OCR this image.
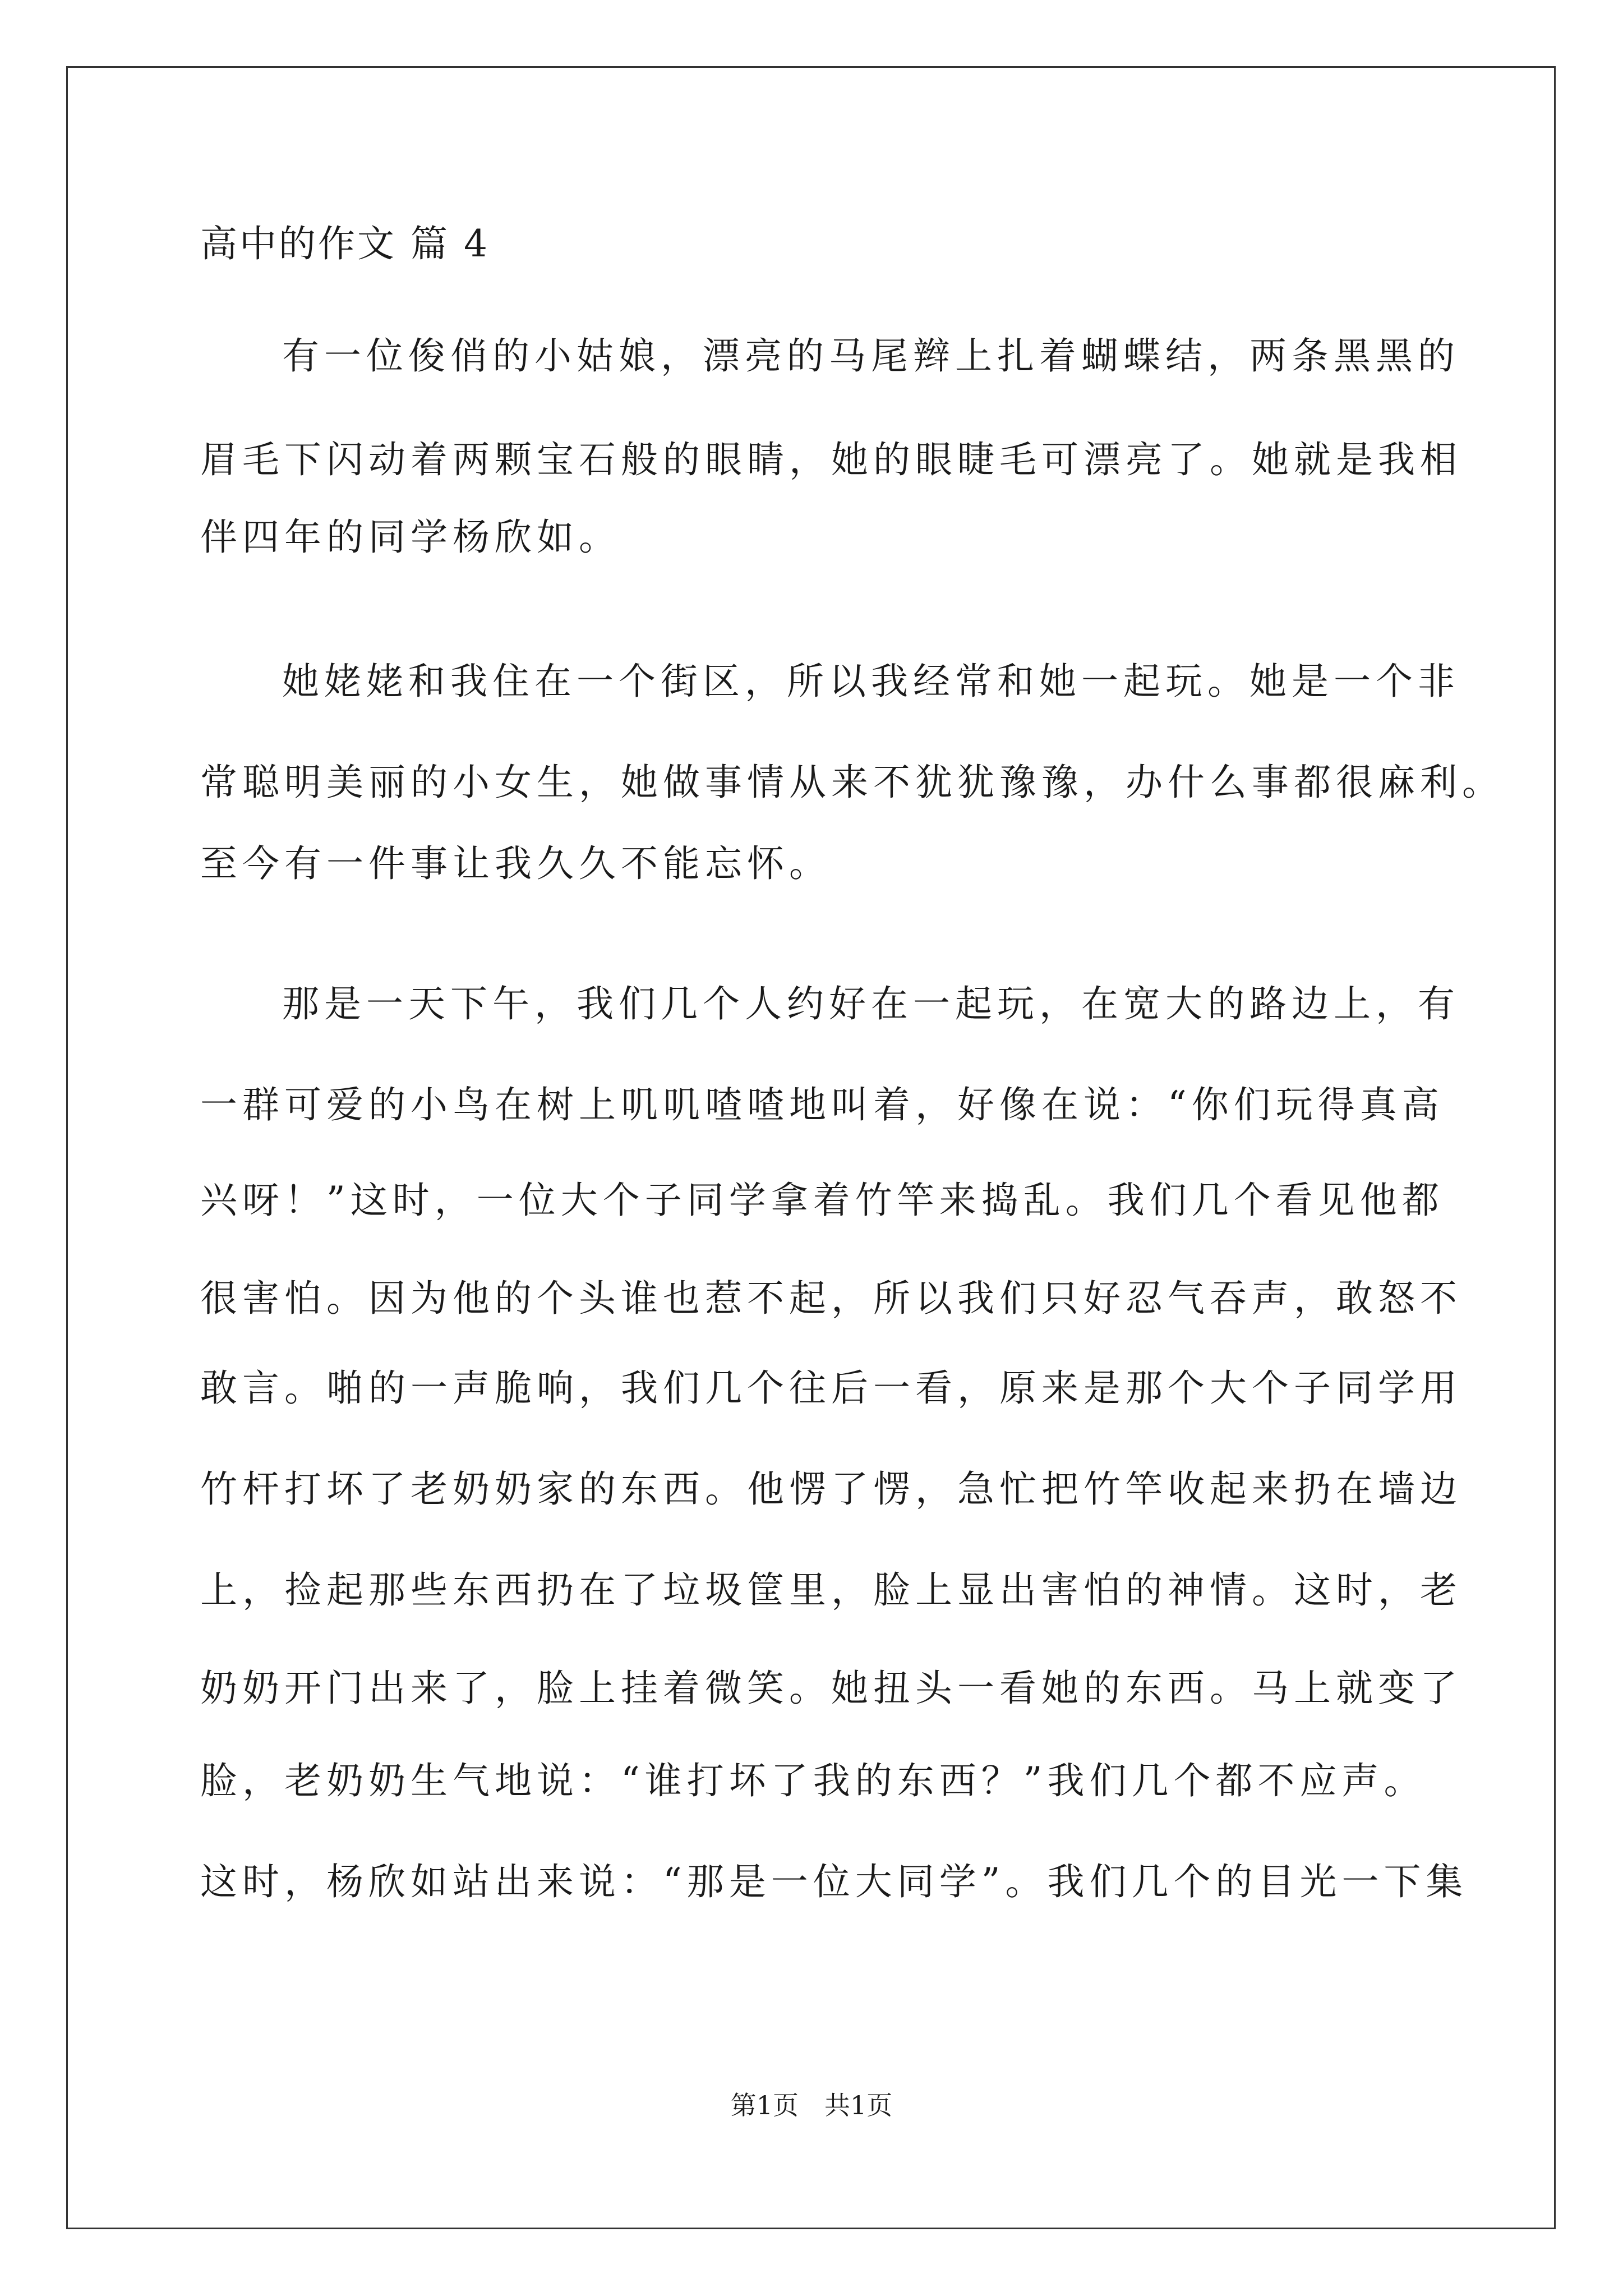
高中的作文 篇 4
有一位俊俏的小姑娘，漂亮的马尾辫上扎着蝴蝶结，两条黑黑的
眉毛下闪动着两颗宝石般的眼睛，她的眼睫毛可漂亮了。她就是我相
伴四年的同学杨欣如。
她姥姥和我住在一个街区，所以我经常和她一起玩。她是一个非
常聪明美丽的小女生，她做事情从来不犹犹豫豫，办什么事都很麻利。
至今有一件事让我久久不能忘怀。
那是一天下午，我们几个人约好在一起玩，在宽大的路边上，有
一群可爱的小鸟在树上叽叽喳喳地叫着，好像在说：“你们玩得真高
兴呀！”这时，一位大个子同学拿着竹竿来捣乱。我们几个看见他都
很害怕。因为他的个头谁也惹不起，所以我们只好忍气吞声，敢怒不
敢言。啪的一声脆响，我们几个往后一看，原来是那个大个子同学用
竹杆打坏了老奶奶家的东西。他愣了愣，急忙把竹竿收起来扔在墙边
上，捡起那些东西扔在了垃圾筐里，脸上显出害怕的神情。这时，老
奶奶开门出来了，脸上挂着微笑。她扭头一看她的东西。马上就变了
脸，老奶奶生气地说：“谁打坏了我的东西？”我们几个都不应声。
这时，杨欣如站出来说：“那是一位大同学”。我们几个的目光一下集
第1页　共1页
